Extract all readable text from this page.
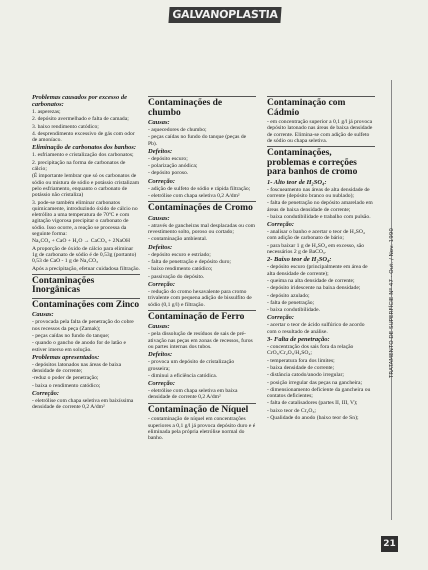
GALVANOPLASTIA

Problemas causados por excesso de carbonatos:

1. asperezas;

2. depósito avermelhado e falta de camada;

3. baixo rendimento catódico;

4. desprendimento excessivo de gás com odor de amoníaco.

Eliminação de carbonatos dos banhos:

1. esfriamento e cristalização dos carbonatos;

2. precipitação na forma de carbonatos de cálcio;

(É importante lembrar que só os carbonatos de sódio ou mistura de sódio e potássio cristalizam pelo esfriamento, enquanto o carbonato de potássio não cristaliza)

3. pode-se também eliminar carbonatos quimicamente, introduzindo óxido de cálcio no eletrólito a uma temperatura de 70ºC e com agitação vigorosa precipitar o carbonato de sódio. Isso ocorre, a reação se processa da seguinte forma:

Na₂CO₃ + CaO + H₂O → CaCO₃ + 2NaOH

A proporção de óxido de cálcio para eliminar 1g de carbonato de sódio é de 0,53g (portanto) 0,53 de CaO - 1 g de Na₂CO₃

Após a precipitação, efetuar cuidadosa filtração.

Contaminações Inorgânicas

Contaminações com Zinco

Causas:

- provocada pela falta de penetração do cobre nos recessos da peça (Zamak);

- peças caídas no fundo do tanque;

- quando o gancho de anodo for de latão e estiver imerso em solução.

Problemas apresentados:

- depósitos latonados nas áreas de baixa densidade de corrente;

-reduz o poder de penetração;

- baixa o rendimento catódico;

Correção:

- eletrólise com chapa seletiva em baixíssima densidade de corrente 0,2 A/dm²

Contaminações de chumbo

Causas:

- aquecedores de chumbo;

- peças caídas no fundo do tanque (peças de Pb).

Defeitos:

- depósito escuro;

- polarização anódica;

- depósito poroso.

Correção:

- adição de sulfeto de sódio e rápida filtração;

- eletrólise com chapa seletiva 0,2 A/dm²

Contaminações de Cromo

Causas:

- através de gancheiras mal desplacadas ou com revestimento solto, poroso ou cortado;

- contaminação ambiental.

Defeitos:

- depósito escuro e estriado;

- falta de penetração e depósito duro;

- baixo rendimento catódico;

- passivação do depósito.

Correção:

- redução do cromo hexavalente para cromo trivalente com pequena adição de bissulfito de sódio (0,1 g/l) e filtração.

Contaminação de Ferro

Causas:

- pela dissolução de resíduos de sais de pré-ativação nas peças em zonas de recessos, furos ou partes internas dos tubos.

Defeitos:

- provoca um depósito de cristalização grosseira;

- diminui a eficiência catódica.

Correção:

- eletrólise com chapa seletiva em baixa densidade de corrente 0,2 A/dm²

Contaminação de Níquel

- contaminação de níquel em concentrações superiores a 0,1 g/l já provoca depósito duro e é eliminada pela própria eletrólise normal do banho.

Contaminação com Cádmio

- em concentração superior a 0,1 g/l já provoca depósito latonado nas áreas de baixa densidade de corrente. Elimina-se com adição de sulfeto de sódio ou chapa seletiva.

Contaminações, problemas e correções para banhos de cromo

1- Alto teor de H₂SO₄:

- foscueamento nas áreas de alta densidade de corrente (depósito branco ou nublado);

- falta de penetração no depósito amarelado em áreas de baixa densidade de corrente;

- baixa condutibilidade e trabalho com pulsão.

Correção:

- analisar o banho e acertar o teor de H₂SO₄ com adição de carbonato de bário;

- para baixar 1 g de H₂SO₄ em excesso, são necessários 2 g de BaCO₃.

2- Baixo teor de H₂SO₄:

- depósito escuro (principalmente em área de alta densidade de corrente);

- queima na alta densidade de corrente;

- depósito iridescente na baixa densidade;

- depósito azulado;

- falta de penetração;

- baixa condutibilidade.

Correção:

- acertar o teor de ácido sulfúrico de acordo com o resultado de análise.

3- Falta de penetração:

- concentração dos sais fora da relação CrO₃/Cr₂O₃/H₂SO₄;

- temperatura fora dos limites;

- baixa densidade de corrente;

- distância catodo/anodo irregular;

- posição irregular das peças na gancheira;

- dimensionamento deficiente da gancheira ou contatos deficientes;

- falta de catalisadores (partes II, III, V);

- baixo teor de Cr₂O₃;

- Qualidade do anodo (baixo teor de Sn);

TRATAMENTO DE SUPERFÍCIE Nº 47 · Out. / Nov. 1990
21
